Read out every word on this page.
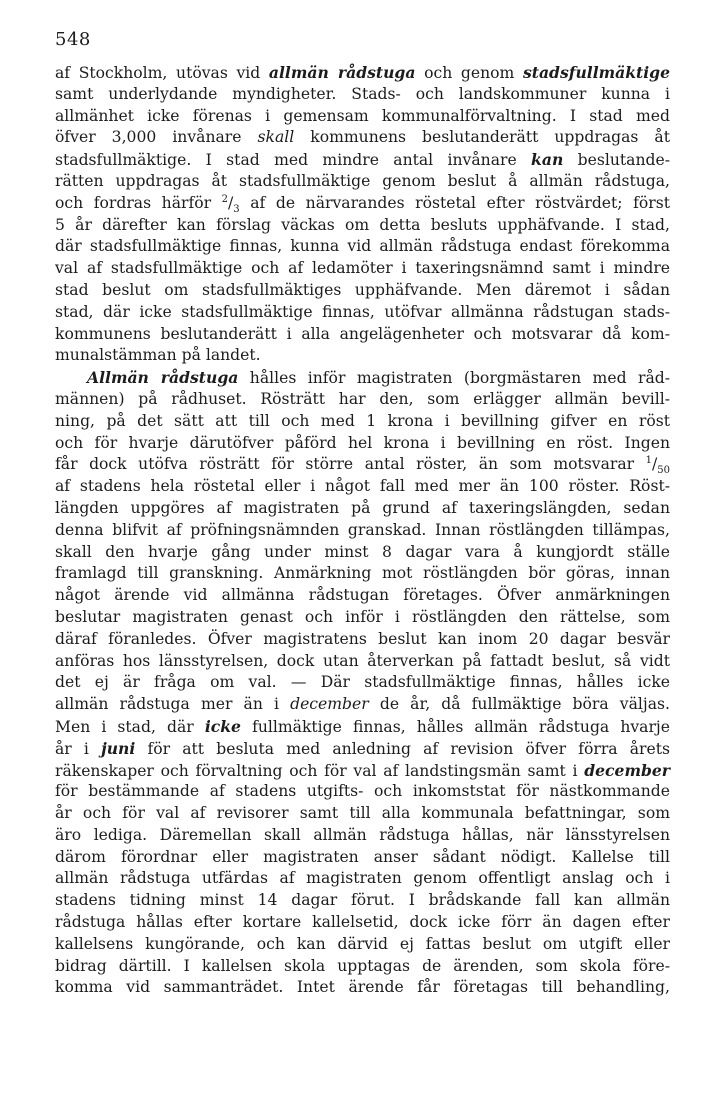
548
af Stockholm, utövas vid allmän rådstuga och genom stadsfullmäktige
samt underlydande myndigheter. Stads- och landskommuner kunna i
allmänhet icke förenas i gemensam kommunalförvaltning. I stad med
öfver 3,000 invånare skall kommunens beslutanderätt uppdragas åt
stadsfullmäktige. I stad med mindre antal invånare kan beslutande-
rätten uppdragas åt stadsfullmäktige genom beslut å allmän rådstuga,
och fordras härför $^2/_3$ af de närvarandes röstetal efter röstvärdet; först
5 år därefter kan förslag väckas om detta besluts upphäfvande. I stad,
där stadsfullmäktige finnas, kunna vid allmän rådstuga endast förekomma
val af stadsfullmäktige och af ledamöter i taxeringsnämnd samt i mindre
stad beslut om stadsfullmäktiges upphäfvande. Men däremot i sådan
stad, där icke stadsfullmäktige finnas, utöfvar allmänna rådstugan stads-
kommunens beslutanderätt i alla angelägenheter och motsvarar då kom-
munalstämman på landet.
Allmän rådstuga hålles inför magistraten (borgmästaren med råd-
männen) på rådhuset. Rösträtt har den, som erlägger allmän bevill-
ning, på det sätt att till och med 1 krona i bevillning gifver en röst
och för hvarje därutöfver påförd hel krona i bevillning en röst. Ingen
får dock utöfva rösträtt för större antal röster, än som motsvarar $^1/_{50}$
af stadens hela röstetal eller i något fall med mer än 100 röster. Röst-
längden uppgöres af magistraten på grund af taxeringslängden, sedan
denna blifvit af pröfningsnämnden granskad. Innan röstlängden tillämpas,
skall den hvarje gång under minst 8 dagar vara å kungjordt ställe
framlagd till granskning. Anmärkning mot röstlängden bör göras, innan
något ärende vid allmänna rådstugan företages. Öfver anmärkningen
beslutar magistraten genast och inför i röstlängden den rättelse, som
däraf föranledes. Öfver magistratens beslut kan inom 20 dagar besvär
anföras hos länsstyrelsen, dock utan återverkan på fattadt beslut, så vidt
det ej är fråga om val. — Där stadsfullmäktige finnas, hålles icke
allmän rådstuga mer än i december de år, då fullmäktige böra väljas.
Men i stad, där icke fullmäktige finnas, hålles allmän rådstuga hvarje
år i juni för att besluta med anledning af revision öfver förra årets
räkenskaper och förvaltning och för val af landstingsmän samt i december
för bestämmande af stadens utgifts- och inkomststat för nästkommande
år och för val af revisorer samt till alla kommunala befattningar, som
äro lediga. Däremellan skall allmän rådstuga hållas, när länsstyrelsen
därom förordnar eller magistraten anser sådant nödigt. Kallelse till
allmän rådstuga utfärdas af magistraten genom offentligt anslag och i
stadens tidning minst 14 dagar förut. I brådskande fall kan allmän
rådstuga hållas efter kortare kallelsetid, dock icke förr än dagen efter
kallelsens kungörande, och kan därvid ej fattas beslut om utgift eller
bidrag därtill. I kallelsen skola upptagas de ärenden, som skola före-
komma vid sammanträdet. Intet ärende får företagas till behandling,
